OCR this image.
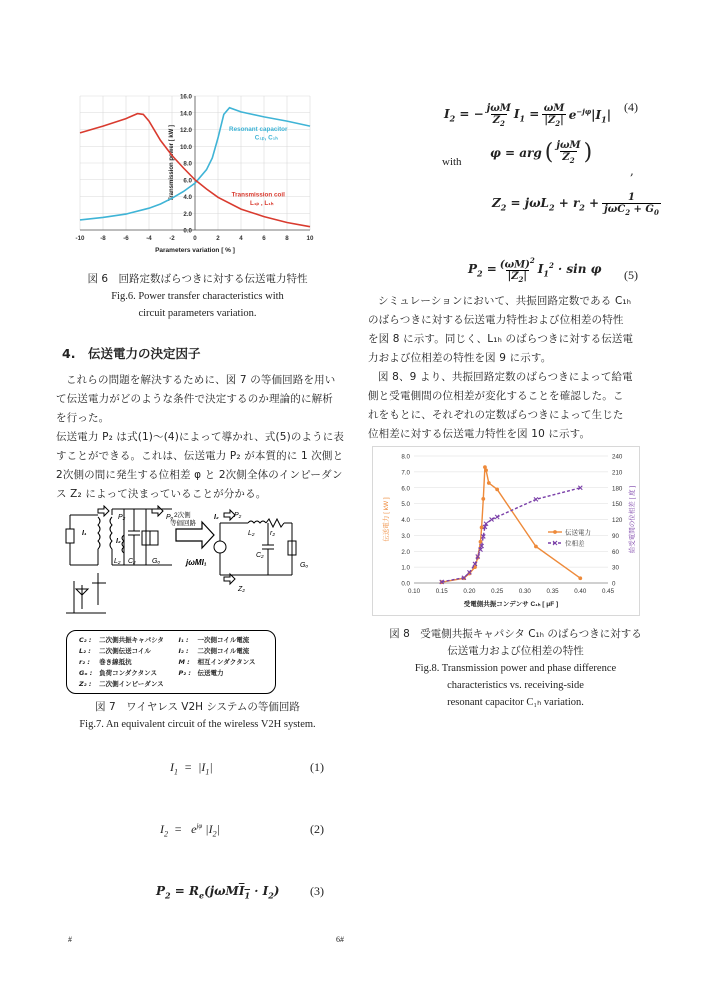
0.0
2.0
4.0
6.0
8.0
10.0
12.0
14.0
16.0
-10	-8	-6	-4	-2	0	2	4	6	8	10
Parameters variation [ % ]
Transmission power [ kW ]	Resonant capacitor
C₁ₚ, C₁ₕ
Transmission coil
L₁ₚ , L₁ₕ
図 6　回路定数ばらつきに対する伝送電力特性
Fig.6. Power transfer characteristics with
circuit parameters variation.
4.　伝送電力の決定因子
これらの問題を解決するために、図 7 の等価回路を用い
て伝送電力がどのような条件で決定するのか理論的に解析
を行った。
伝送電力 P₂ は式(1)～(4)によって導かれ、式(5)のように表
すことができる。これは、伝送電力 P₂ が本質的に 1 次側と
2次側の間に発生する位相差 φ と 2次側全体のインピーダン
ス Z₂ によって決まっていることが分かる。
P₂	Pₒ 2次側
等価回路
I₁
I₂
L₂ C₂ Gₒ
P₂
I₂
L₂ r₂
C₂
Gₒ
Z₂
jωMI₁
C₂ :	二次側共振キャパシタ	I₁ :	一次側コイル電流
L₂ :	二次側伝送コイル	I₂ :	二次側コイル電流
r₂ :	巻き線抵抗	M :	相互インダクタンス
Gₒ :	負荷コンダクタンス	P₂ :	伝送電力
Z₂ :	二次側インピーダンス		
図 7　ワイヤレス V2H システムの等価回路
Fig.7. An equivalent circuit of the wireless V2H system.
$I_1 = |I_1|$	(1)
$I_2 = e^{j\varphi}$ $|I_2|$	(2)
$P_2 = R_e(j\omega MI_1 \cdot I_2)$	(3)
(4)
$I_2$ = − jωM
$Z_2$
$I_1 = \frac{\omega M}{|Z_2|} e^{-j\varphi}|I_1|$
with
φ = arg ( jωM
$Z_2$ )
,
$Z_2 = j\omega L_2 + r_2$ +	1
$j\omega C_2 + G_0$
$P_2 = \frac{(\omega M)^2}{|Z_2|} I_1^2 \cdot \sin \varphi$ (5)
シミュレーションにおいて、共振回路定数である C₁ₕ
のばらつきに対する伝送電力特性および位相差の特性
を図 8 に示す。同じく、L₁ₕ のばらつきに対する伝送電
力および位相差の特性を図 9 に示す。
図 8、9 より、共振回路定数のばらつきによって給電
側と受電側間の位相差が変化することを確認した。こ
れをもとに、それぞれの定数ばらつきによって生じた
位相差に対する伝送電力特性を図 10 に示す。
0.0
1.0
2.0
3.0
4.0
5.0
6.0
7.0
8.0
0
30
60
90
120
150
180
210
240
0.10	0.15	0.20	0.25	0.30	0.35	0.40	0.45
受電側共振コンデンサ C₁ₕ [ μF ]
伝送電力 [ kW ]	給受電間の位相差 [ 度 ]
伝送電力
位相差
図 8　受電側共振キャパシタ C₁ₕ のばらつきに対する
伝送電力および位相差の特性
Fig.8. Transmission power and phase difference
characteristics vs. receiving-side
resonant capacitor C₁ₕ variation.
#	6#
